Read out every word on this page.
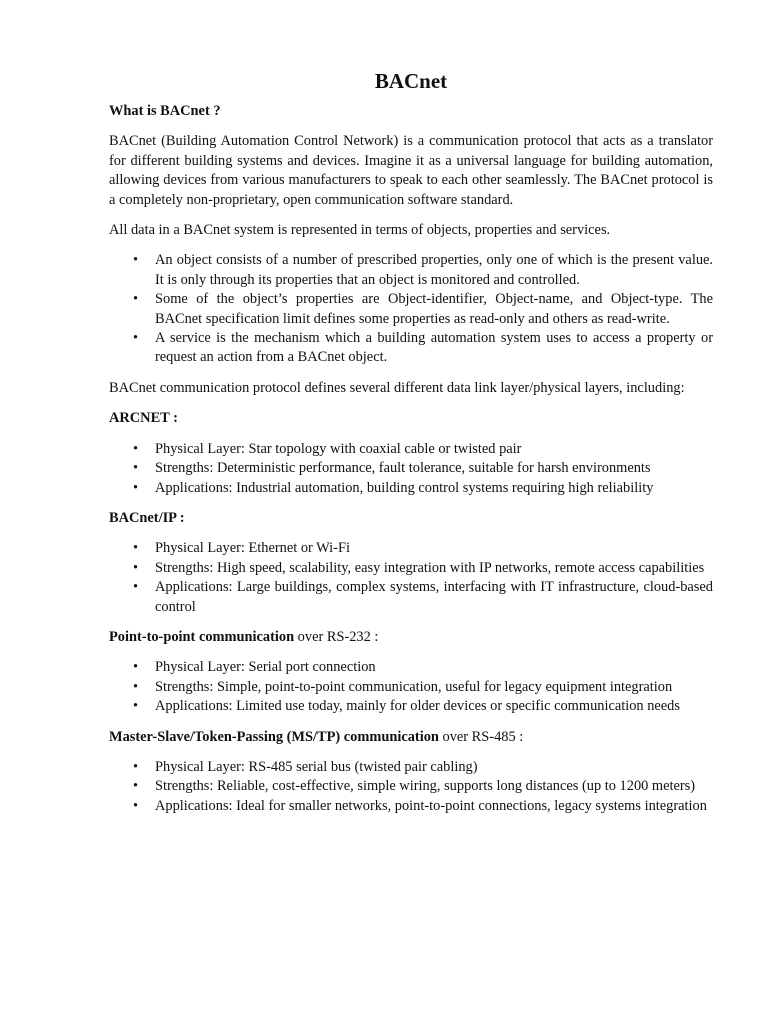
BACnet
What is BACnet ?

BACnet (Building Automation Control Network) is a communication protocol that acts as a translator for different building systems and devices. Imagine it as a universal language for building automation, allowing devices from various manufacturers to speak to each other seamlessly. The BACnet protocol is a completely non-proprietary, open communication software standard.

All data in a BACnet system is represented in terms of objects, properties and services.

• An object consists of a number of prescribed properties, only one of which is the present value. It is only through its properties that an object is monitored and controlled.
• Some of the object’s properties are Object-identifier, Object-name, and Object-type. The BACnet specification limit defines some properties as read-only and others as read-write.
• A service is the mechanism which a building automation system uses to access a property or request an action from a BACnet object.

BACnet communication protocol defines several different data link layer/physical layers, including:

ARCNET :
• Physical Layer: Star topology with coaxial cable or twisted pair
• Strengths: Deterministic performance, fault tolerance, suitable for harsh environments
• Applications: Industrial automation, building control systems requiring high reliability
BACnet/IP :
• Physical Layer: Ethernet or Wi-Fi
• Strengths: High speed, scalability, easy integration with IP networks, remote access capabilities
• Applications: Large buildings, complex systems, interfacing with IT infrastructure, cloud-based control
Point-to-point communication over RS-232 :
• Physical Layer: Serial port connection
• Strengths: Simple, point-to-point communication, useful for legacy equipment integration
• Applications: Limited use today, mainly for older devices or specific communication needs
Master-Slave/Token-Passing (MS/TP) communication over RS-485 :
• Physical Layer: RS-485 serial bus (twisted pair cabling)
• Strengths: Reliable, cost-effective, simple wiring, supports long distances (up to 1200 meters)
• Applications: Ideal for smaller networks, point-to-point connections, legacy systems integration
